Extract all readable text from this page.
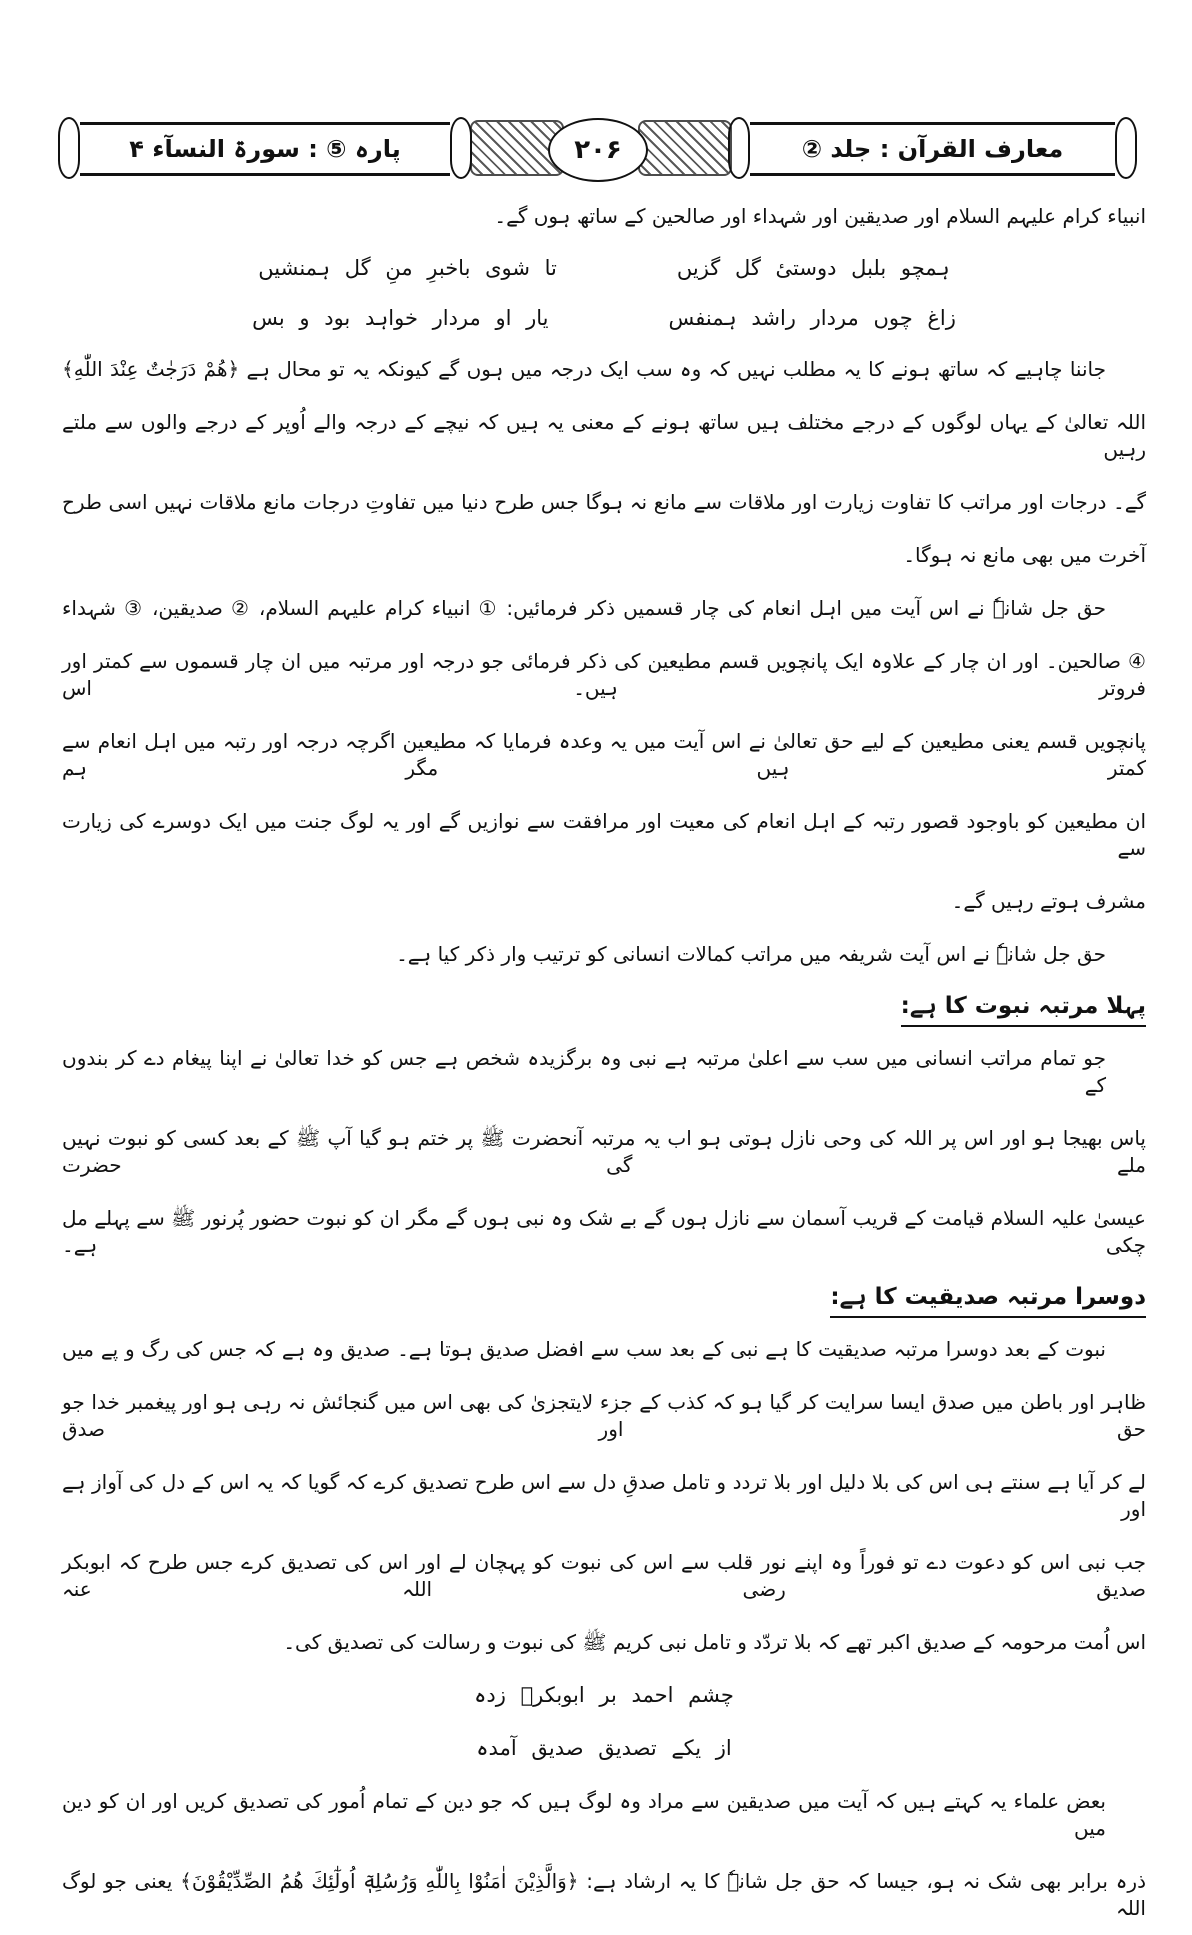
پارہ ⑤ : سورۃ النسآء ۴	معارف القرآن : جلد ②
۲۰۶
انبیاء کرام علیہم السلام اور صدیقین اور شہداء اور صالحین کے ساتھ ہوں گے۔
ہمچو بلبل دوستیٔ گل گزیں
تا شوی باخبرِ منِ گل ہمنشیں
زاغ چوں مردار راشد ہمنفس
یار او مردار خواہد بود و بس
جاننا چاہیے کہ ساتھ ہونے کا یہ مطلب نہیں کہ وہ سب ایک درجہ میں ہوں گے کیونکہ یہ تو محال ہے ﴿هُمْ دَرَجٰتٌ عِنْدَ اللّٰهِ﴾
اللہ تعالیٰ کے یہاں لوگوں کے درجے مختلف ہیں ساتھ ہونے کے معنی یہ ہیں کہ نیچے کے درجہ والے اُوپر کے درجے والوں سے ملتے رہیں
گے۔ درجات اور مراتب کا تفاوت زیارت اور ملاقات سے مانع نہ ہوگا جس طرح دنیا میں تفاوتِ درجات مانع ملاقات نہیں اسی طرح
آخرت میں بھی مانع نہ ہوگا۔
حق جل شانہٗ نے اس آیت میں اہل انعام کی چار قسمیں ذکر فرمائیں: ① انبیاء کرام علیہم السلام، ② صدیقین، ③ شہداء
④ صالحین۔ اور ان چار کے علاوہ ایک پانچویں قسم مطیعین کی ذکر فرمائی جو درجہ اور مرتبہ میں ان چار قسموں سے کمتر اور فروتر ہیں۔ اس
پانچویں قسم یعنی مطیعین کے لیے حق تعالیٰ نے اس آیت میں یہ وعدہ فرمایا کہ مطیعین اگرچہ درجہ اور رتبہ میں اہل انعام سے کمتر ہیں مگر ہم
ان مطیعین کو باوجود قصور رتبہ کے اہل انعام کی معیت اور مرافقت سے نوازیں گے اور یہ لوگ جنت میں ایک دوسرے کی زیارت سے
مشرف ہوتے رہیں گے۔
حق جل شانہٗ نے اس آیت شریفہ میں مراتب کمالات انسانی کو ترتیب وار ذکر کیا ہے۔
پہلا مرتبہ نبوت کا ہے:
جو تمام مراتب انسانی میں سب سے اعلیٰ مرتبہ ہے نبی وہ برگزیدہ شخص ہے جس کو خدا تعالیٰ نے اپنا پیغام دے کر بندوں کے
پاس بھیجا ہو اور اس پر اللہ کی وحی نازل ہوتی ہو اب یہ مرتبہ آنحضرت ﷺ پر ختم ہو گیا آپ ﷺ کے بعد کسی کو نبوت نہیں ملے گی حضرت
عیسیٰ علیہ السلام قیامت کے قریب آسمان سے نازل ہوں گے بے شک وہ نبی ہوں گے مگر ان کو نبوت حضور پُرنور ﷺ سے پہلے مل چکی ہے۔
دوسرا مرتبہ صدیقیت کا ہے:
نبوت کے بعد دوسرا مرتبہ صدیقیت کا ہے نبی کے بعد سب سے افضل صدیق ہوتا ہے۔ صدیق وہ ہے کہ جس کی رگ و پے میں
ظاہر اور باطن میں صدق ایسا سرایت کر گیا ہو کہ کذب کے جزء لایتجزیٰ کی بھی اس میں گنجائش نہ رہی ہو اور پیغمبر خدا جو حق اور صدق
لے کر آیا ہے سنتے ہی اس کی بلا دلیل اور بلا تردد و تامل صدقِ دل سے اس طرح تصدیق کرے کہ گویا کہ یہ اس کے دل کی آواز ہے اور
جب نبی اس کو دعوت دے تو فوراً وہ اپنے نور قلب سے اس کی نبوت کو پہچان لے اور اس کی تصدیق کرے جس طرح کہ ابوبکر صدیق رضی اللہ عنہ
اس اُمت مرحومہ کے صدیق اکبر تھے کہ بلا تردّد و تامل نبی کریم ﷺ کی نبوت و رسالت کی تصدیق کی۔
چشم احمد بر ابوبکرؓ زدہ
از یکے تصدیق صدیق آمدہ
بعض علماء یہ کہتے ہیں کہ آیت میں صدیقین سے مراد وہ لوگ ہیں کہ جو دین کے تمام اُمور کی تصدیق کریں اور ان کو دین میں
ذرہ برابر بھی شک نہ ہو، جیسا کہ حق جل شانہٗ کا یہ ارشاد ہے: ﴿وَالَّذِيْنَ اٰمَنُوْا بِاللّٰهِ وَرُسُلِهٖٓ اُولٰٓئِكَ هُمُ الصِّدِّيْقُوْنَ﴾ یعنی جو لوگ اللہ
